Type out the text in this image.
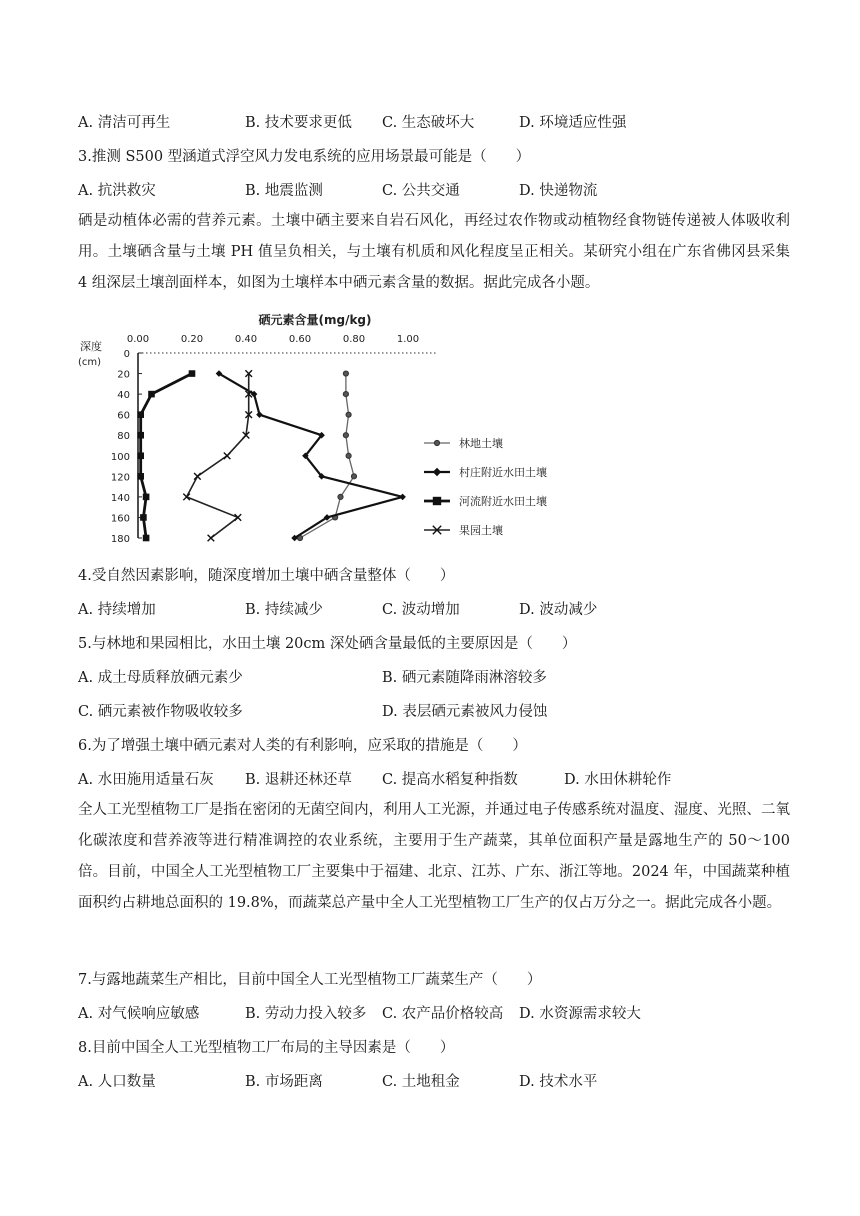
A. 清洁可再生	B. 技术要求更低 C. 生态破坏大	D. 环境适应性强
3.推测 S500 型涵道式浮空风力发电系统的应用场景最可能是（　　）
A. 抗洪救灾	B. 地震监测	C. 公共交通	D. 快递物流
硒是动植体必需的营养元素。土壤中硒主要来自岩石风化，再经过农作物或动植物经食物链传递被人体吸收利用。土壤硒含量与土壤 PH 值呈负相关，与土壤有机质和风化程度呈正相关。某研究小组在广东省佛冈县采集 4 组深层土壤剖面样本，如图为土壤样本中硒元素含量的数据。据此完成各小题。
硒元素含量(mg/kg)
深度
(cm)
0.00	0.20	0.40	0.60	0.80	1.00
0
20
40
60
80
100
120
140
160
180
林地土壤
村庄附近水田土壤
河流附近水田土壤
果园土壤
4.受自然因素影响，随深度增加土壤中硒含量整体（　　）
A. 持续增加	B. 持续减少	C. 波动增加	D. 波动减少
5.与林地和果园相比，水田土壤 20cm 深处硒含量最低的主要原因是（　　）
A. 成土母质释放硒元素少	B. 硒元素随降雨淋溶较多
C. 硒元素被作物吸收较多	D. 表层硒元素被风力侵蚀
6.为了增强土壤中硒元素对人类的有利影响，应采取的措施是（　　）
A. 水田施用适量石灰 B. 退耕还林还草 C. 提高水稻复种指数	D. 水田休耕轮作
全人工光型植物工厂是指在密闭的无菌空间内，利用人工光源，并通过电子传感系统对温度、湿度、光照、二氧化碳浓度和营养液等进行精准调控的农业系统，主要用于生产蔬菜，其单位面积产量是露地生产的 50～100 倍。目前，中国全人工光型植物工厂主要集中于福建、北京、江苏、广东、浙江等地。2024 年，中国蔬菜种植面积约占耕地总面积的 19.8%，而蔬菜总产量中全人工光型植物工厂生产的仅占万分之一。据此完成各小题。
7.与露地蔬菜生产相比，目前中国全人工光型植物工厂蔬菜生产（　　）
A. 对气候响应敏感	B. 劳动力投入较多 C. 农产品价格较高 D. 水资源需求较大
8.目前中国全人工光型植物工厂布局的主导因素是（　　）
A. 人口数量	B. 市场距离	C. 土地租金	D. 技术水平
